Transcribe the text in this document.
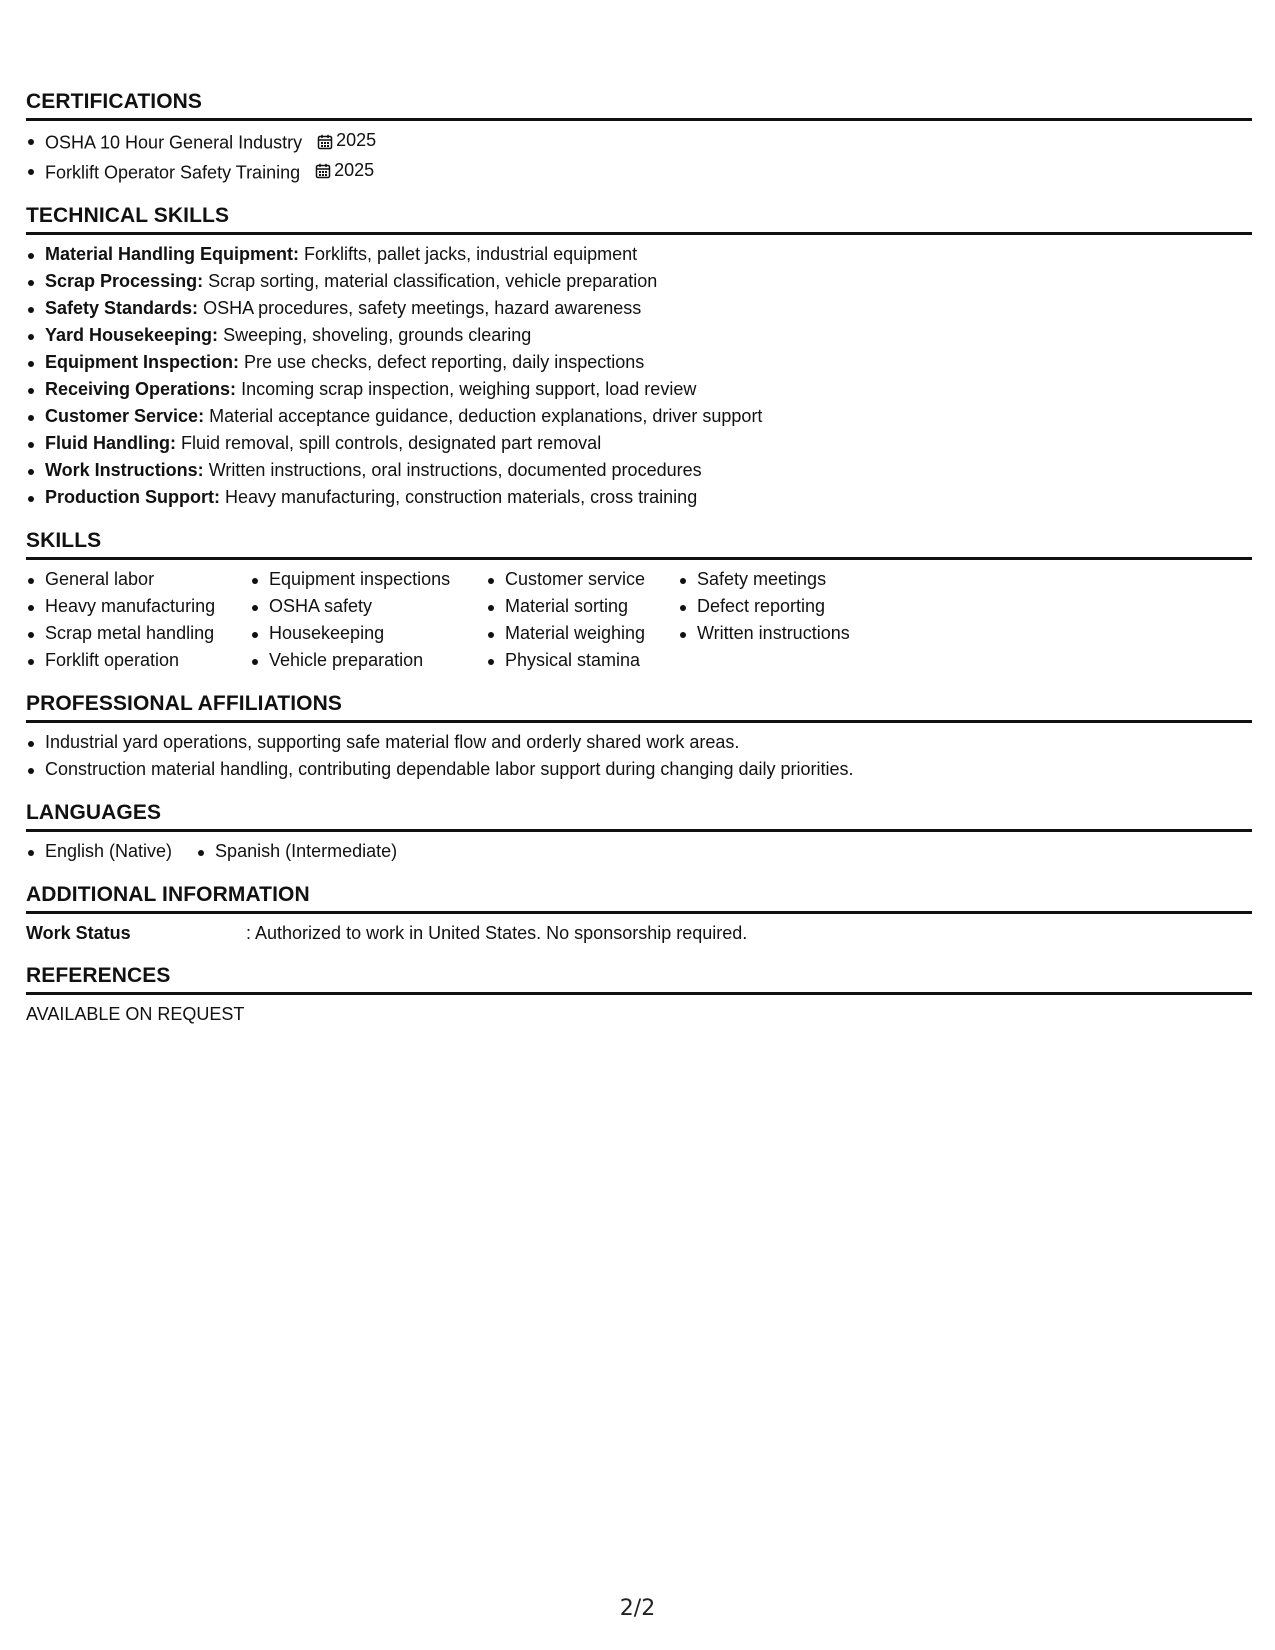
CERTIFICATIONS
OSHA 10 Hour General Industry 2025
Forklift Operator Safety Training 2025
TECHNICAL SKILLS
Material Handling Equipment: Forklifts, pallet jacks, industrial equipment
Scrap Processing: Scrap sorting, material classification, vehicle preparation
Safety Standards: OSHA procedures, safety meetings, hazard awareness
Yard Housekeeping: Sweeping, shoveling, grounds clearing
Equipment Inspection: Pre use checks, defect reporting, daily inspections
Receiving Operations: Incoming scrap inspection, weighing support, load review
Customer Service: Material acceptance guidance, deduction explanations, driver support
Fluid Handling: Fluid removal, spill controls, designated part removal
Work Instructions: Written instructions, oral instructions, documented procedures
Production Support: Heavy manufacturing, construction materials, cross training
SKILLS
General labor
Heavy manufacturing
Scrap metal handling
Forklift operation
Equipment inspections
OSHA safety
Housekeeping
Vehicle preparation
Customer service
Material sorting
Material weighing
Physical stamina
Safety meetings
Defect reporting
Written instructions
PROFESSIONAL AFFILIATIONS
Industrial yard operations, supporting safe material flow and orderly shared work areas.
Construction material handling, contributing dependable labor support during changing daily priorities.
LANGUAGES
English (Native)	Spanish (Intermediate)
ADDITIONAL INFORMATION
Work Status	: Authorized to work in United States. No sponsorship required.
REFERENCES
AVAILABLE ON REQUEST
2/2
